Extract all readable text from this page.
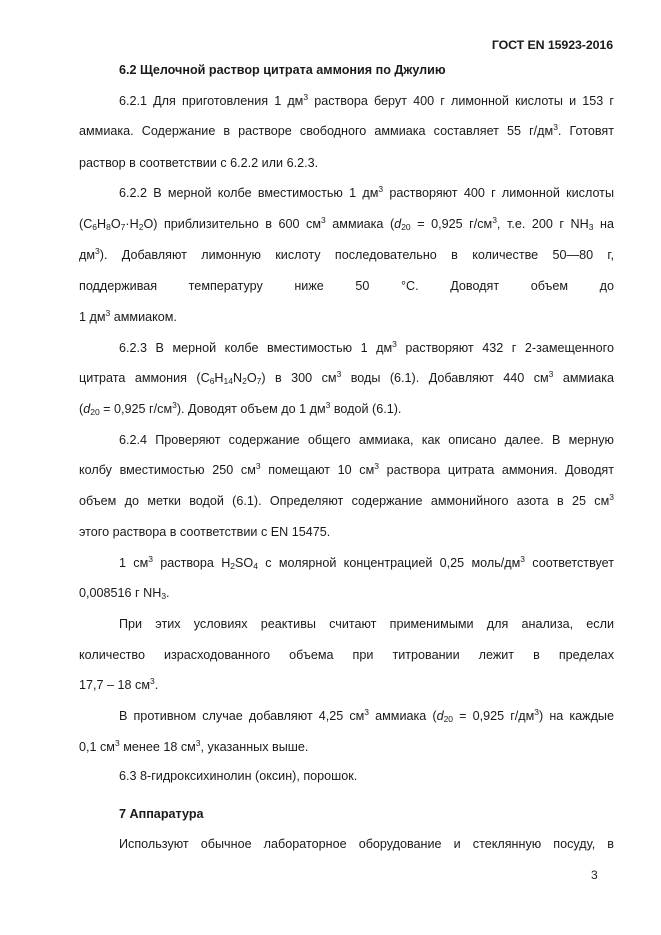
ГОСТ EN 15923-2016
6.2 Щелочной раствор цитрата аммония по Джулию
6.2.1 Для приготовления 1 $дм^3$ раствора берут 400 г лимонной кислоты и 153 г
аммиака. Содержание в растворе свободного аммиака составляет 55 $г/дм^3$. Готовят
раствор в соответствии с 6.2.2 или 6.2.3.
6.2.2 В мерной колбе вместимостью 1 $дм^3$ растворяют 400 г лимонной кислоты
$(C_6H_8O_7\cdot H_2O)$ приблизительно в 600 $см^3$ аммиака ($d_{20} = 0,925$ $г/см^3$, т.е. 200 г $NH_3$ на
$дм^3$). Добавляют лимонную кислоту последовательно в количестве 50—80 г,
поддерживая температуру ниже 50 °C. Доводят объем до
1 $дм^3$ аммиаком.
6.2.3 В мерной колбе вместимостью 1 $дм^3$ растворяют 432 г 2-замещенного
цитрата аммония $(C_6H_{14}N_2O_7)$ в 300 $см^3$ воды (6.1). Добавляют 440 $см^3$ аммиака
($d_{20} = 0,925$ $г/см^3$). Доводят объем до 1 $дм^3$ водой (6.1).
6.2.4 Проверяют содержание общего аммиака, как описано далее. В мерную
колбу вместимостью 250 $см^3$ помещают 10 $см^3$ раствора цитрата аммония. Доводят
объем до метки водой (6.1). Определяют содержание аммонийного азота в 25 $см^3$
этого раствора в соответствии с EN 15475.
1 $см^3$ раствора $H_2SO_4$ с молярной концентрацией 0,25 моль/$дм^3$ соответствует
0,008516 г $NH_3$.
При этих условиях реактивы считают применимыми для анализа, если
количество израсходованного объема при титровании лежит в пределах
17,7 – 18 $см^3$.
В противном случае добавляют 4,25 $см^3$ аммиака ($d_{20} = 0,925$ $г/дм^3$) на каждые
0,1 $см^3$ менее 18 $см^3$, указанных выше.
6.3 8-гидроксихинолин (оксин), порошок.
7 Аппаратура
Используют обычное лабораторное оборудование и стеклянную посуду, в
3
